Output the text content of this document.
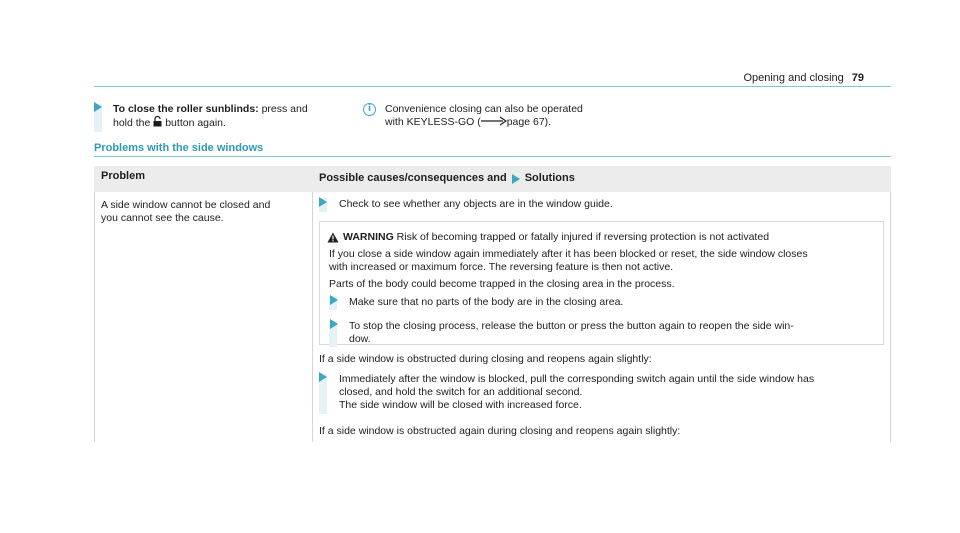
Opening and closing 79
To close the roller sunblinds: press and
hold the button again.
i	Convenience closing can also be operated
with KEYLESS-GO ( page 67).
Problems with the side windows
Problem	Possible causes/consequences and Solutions
A side window cannot be closed and
you cannot see the cause.
Check to see whether any objects are in the window guide.
WARNING Risk of becoming trapped or fatally injured if reversing protection is not activated
If you close a side window again immediately after it has been blocked or reset, the side window closes
with increased or maximum force. The reversing feature is then not active.
Parts of the body could become trapped in the closing area in the process.
Make sure that no parts of the body are in the closing area.
To stop the closing process, release the button or press the button again to reopen the side win-
dow.
If a side window is obstructed during closing and reopens again slightly:
Immediately after the window is blocked, pull the corresponding switch again until the side window has
closed, and hold the switch for an additional second.
The side window will be closed with increased force.
If a side window is obstructed again during closing and reopens again slightly:
